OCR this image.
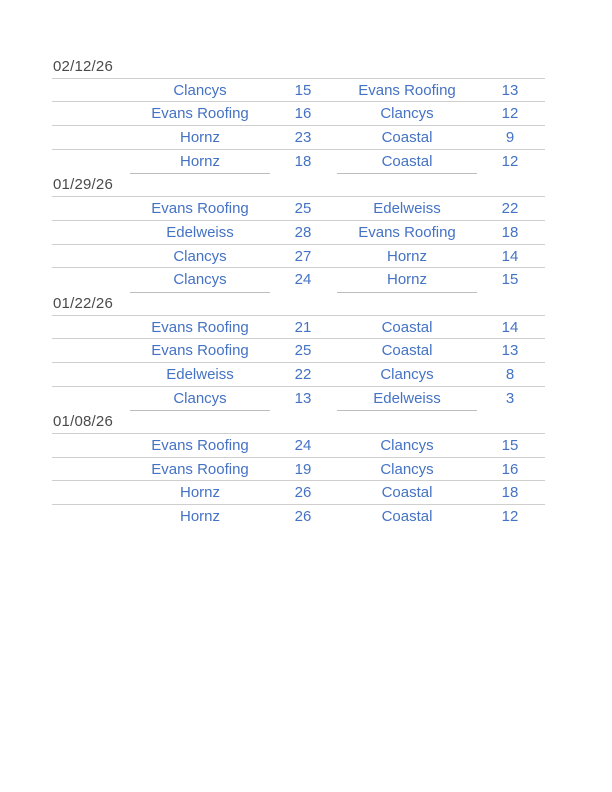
02/12/26
Clancys	15	Evans Roofing	13
Evans Roofing	16	Clancys	12
Hornz	23	Coastal	9
Hornz	18	Coastal	12
01/29/26
Evans Roofing	25	Edelweiss	22
Edelweiss	28	Evans Roofing	18
Clancys	27	Hornz	14
Clancys	24	Hornz	15
01/22/26
Evans Roofing	21	Coastal	14
Evans Roofing	25	Coastal	13
Edelweiss	22	Clancys	8
Clancys	13	Edelweiss	3
01/08/26
Evans Roofing	24	Clancys	15
Evans Roofing	19	Clancys	16
Hornz	26	Coastal	18
Hornz	26	Coastal	12
